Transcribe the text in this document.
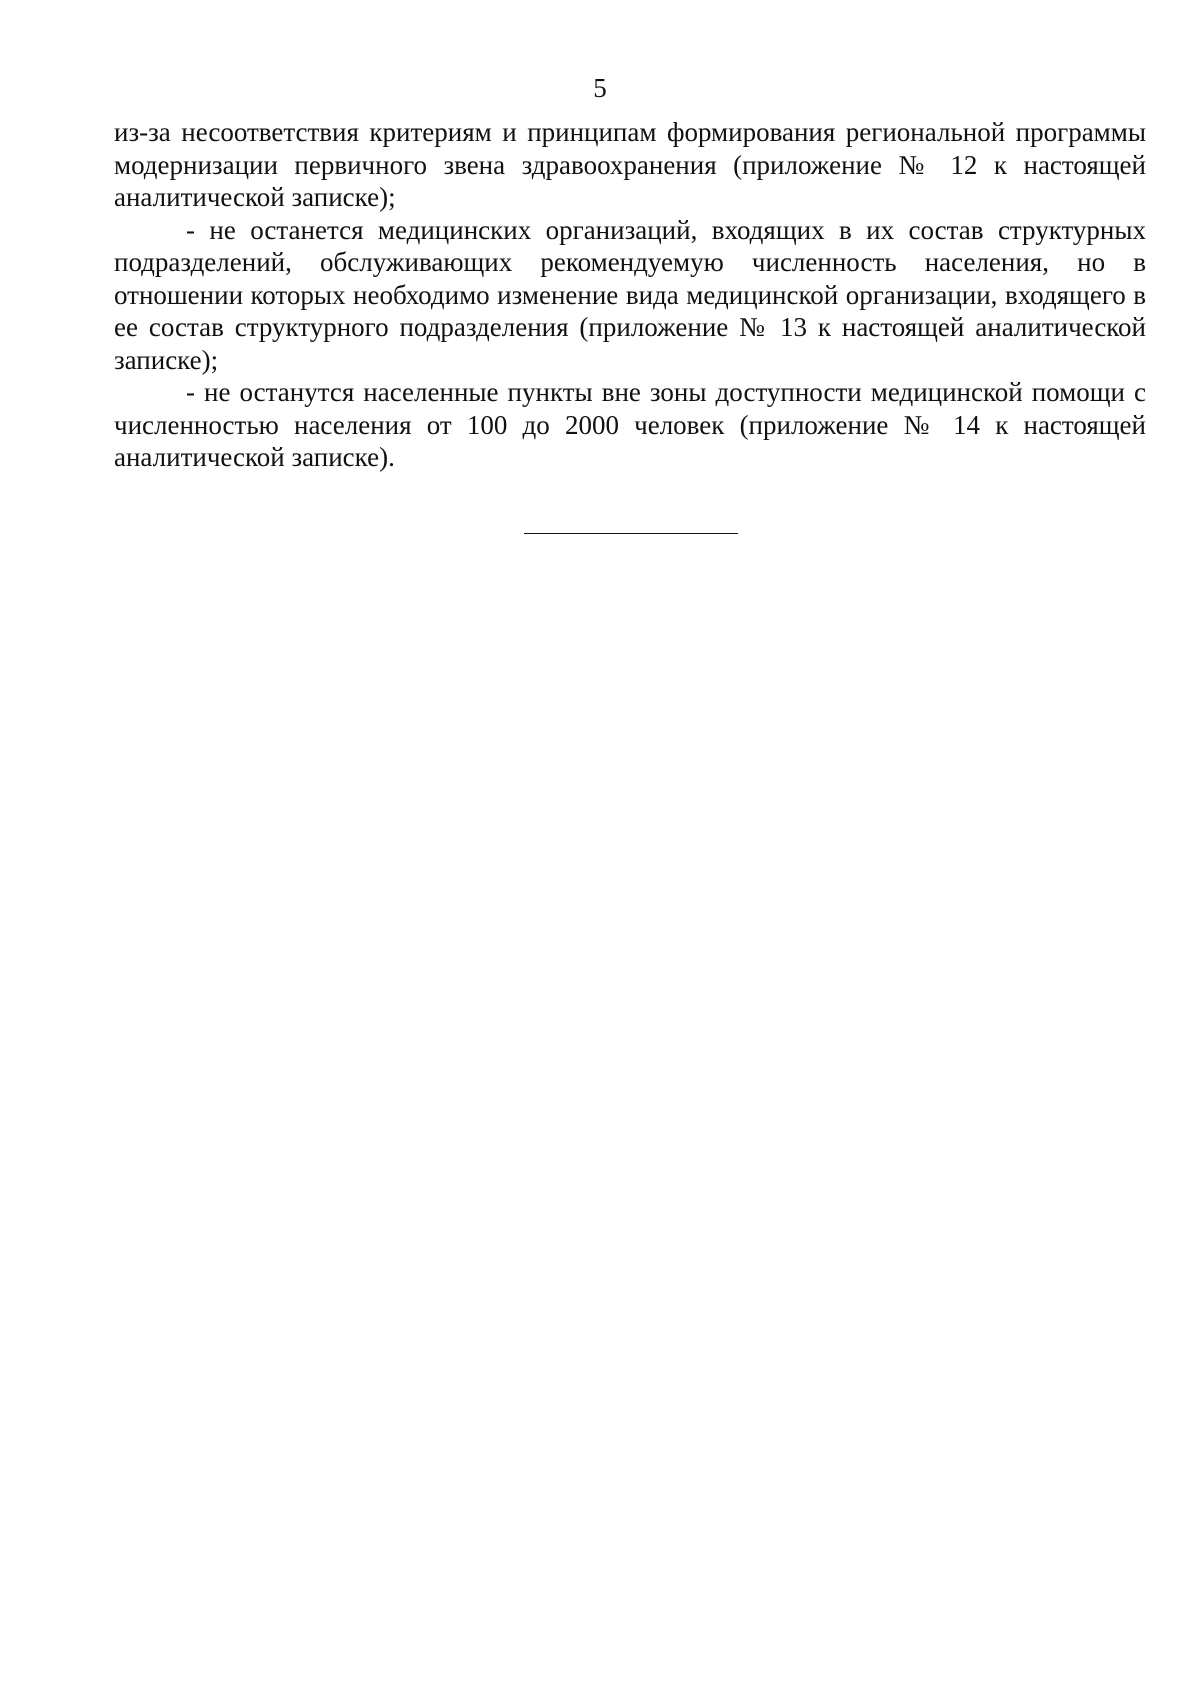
5

из-за несоответствия критериям и принципам формирования региональной программы модернизации первичного звена здравоохранения (приложение № 12 к настоящей аналитической записке);

- не останется медицинских организаций, входящих в их состав структурных подразделений, обслуживающих рекомендуемую численность населения, но в отношении которых необходимо изменение вида медицинской организации, входящего в ее состав структурного подразделения (приложение № 13 к настоящей аналитической записке);

- не останутся населенные пункты вне зоны доступности медицинской помощи с численностью населения от 100 до 2000 человек (приложение № 14 к настоящей аналитической записке).
